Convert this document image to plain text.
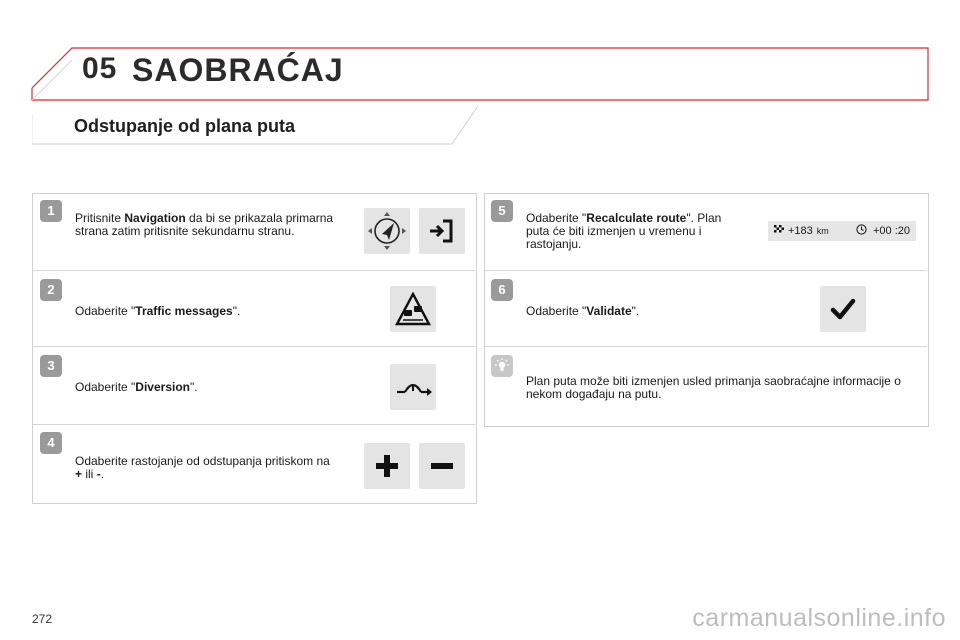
05 SAOBRAĆAJ
Odstupanje od plana puta
1	Pritisnite Navigation da bi se prikazala primarna strana zatim pritisnite sekundarnu stranu.
2
Odaberite "Traffic messages".
3
Odaberite "Diversion".
4
Odaberite rastojanje od odstupanja pritiskom na + ili -.
5	Odaberite "Recalculate route". Plan puta će biti izmenjen u vremenu i rastojanju.
+183 km	+00 :20
6
Odaberite "Validate".
Plan puta može biti izmenjen usled primanja saobraćajne informacije o nekom događaju na putu.
272	carmanualsonline.info
